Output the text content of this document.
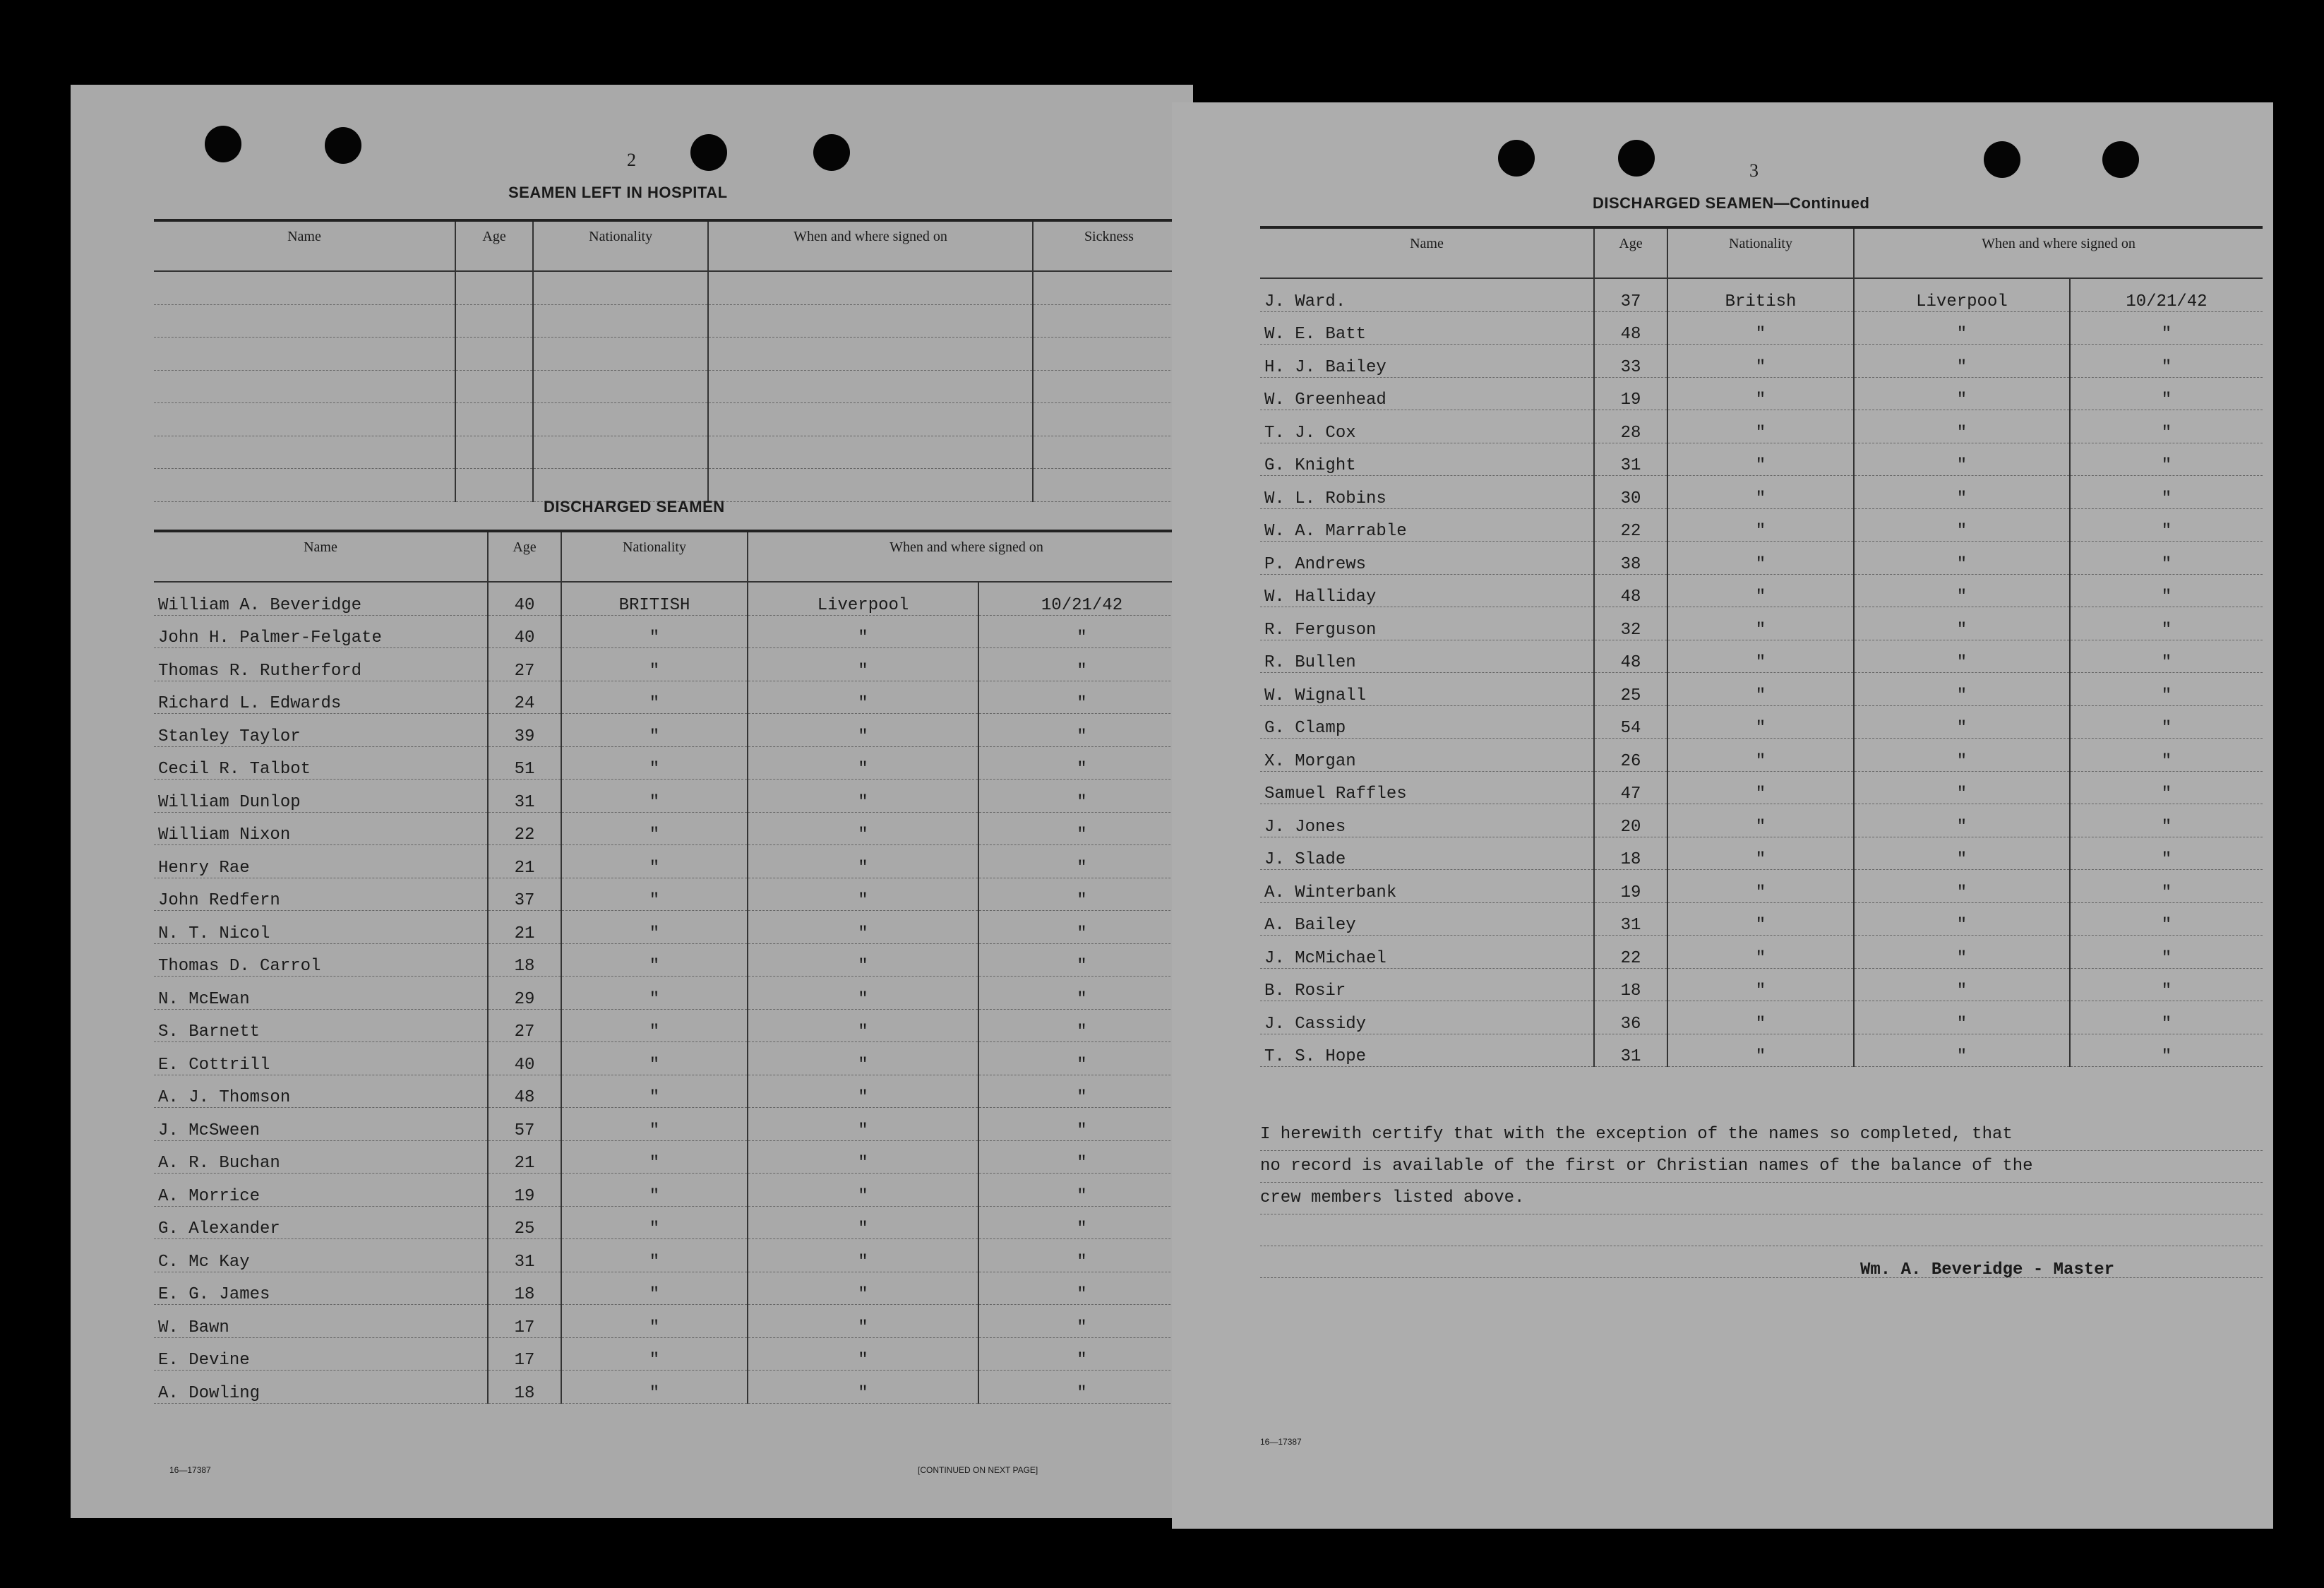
2
SEAMEN LEFT IN HOSPITAL
Name	Age	Nationality	When and where signed on	Sickness

DISCHARGED SEAMEN
Name	Age	Nationality	When and where signed on	
William A. Beveridge	40	BRITISH	Liverpool	10/21/42
John H. Palmer-Felgate	40	"	"	"
Thomas R. Rutherford	27	"	"	"
Richard L. Edwards	24	"	"	"
Stanley Taylor	39	"	"	"
Cecil R. Talbot	51	"	"	"
William Dunlop	31	"	"	"
William Nixon	22	"	"	"
Henry Rae	21	"	"	"
John Redfern	37	"	"	"
N. T. Nicol	21	"	"	"
Thomas D. Carrol	18	"	"	"
N. McEwan	29	"	"	"
S. Barnett	27	"	"	"
E. Cottrill	40	"	"	"
A. J. Thomson	48	"	"	"
J. McSween	57	"	"	"
A. R. Buchan	21	"	"	"
A. Morrice	19	"	"	"
G. Alexander	25	"	"	"
C. Mc Kay	31	"	"	"
E. G. James	18	"	"	"
W. Bawn	17	"	"	"
E. Devine	17	"	"	"
A. Dowling	18	"	"	"
16—17387	[CONTINUED ON NEXT PAGE]
3
DISCHARGED SEAMEN—Continued
Name	Age	Nationality	When and where signed on	
J. Ward.	37	British	Liverpool	10/21/42
W. E. Batt	48	"	"	"
H. J. Bailey	33	"	"	"
W. Greenhead	19	"	"	"
T. J. Cox	28	"	"	"
G. Knight	31	"	"	"
W. L. Robins	30	"	"	"
W. A. Marrable	22	"	"	"
P. Andrews	38	"	"	"
W. Halliday	48	"	"	"
R. Ferguson	32	"	"	"
R. Bullen	48	"	"	"
W. Wignall	25	"	"	"
G. Clamp	54	"	"	"
X. Morgan	26	"	"	"
Samuel Raffles	47	"	"	"
J. Jones	20	"	"	"
J. Slade	18	"	"	"
A. Winterbank	19	"	"	"
A. Bailey	31	"	"	"
J. McMichael	22	"	"	"
B. Rosir	18	"	"	"
J. Cassidy	36	"	"	"
T. S. Hope	31	"	"	"
I herewith certify that with the exception of the names so completed, that
no record is available of the first or Christian names of the balance of the
crew members listed above.

Wm. A. Beveridge - Master
16—17387
